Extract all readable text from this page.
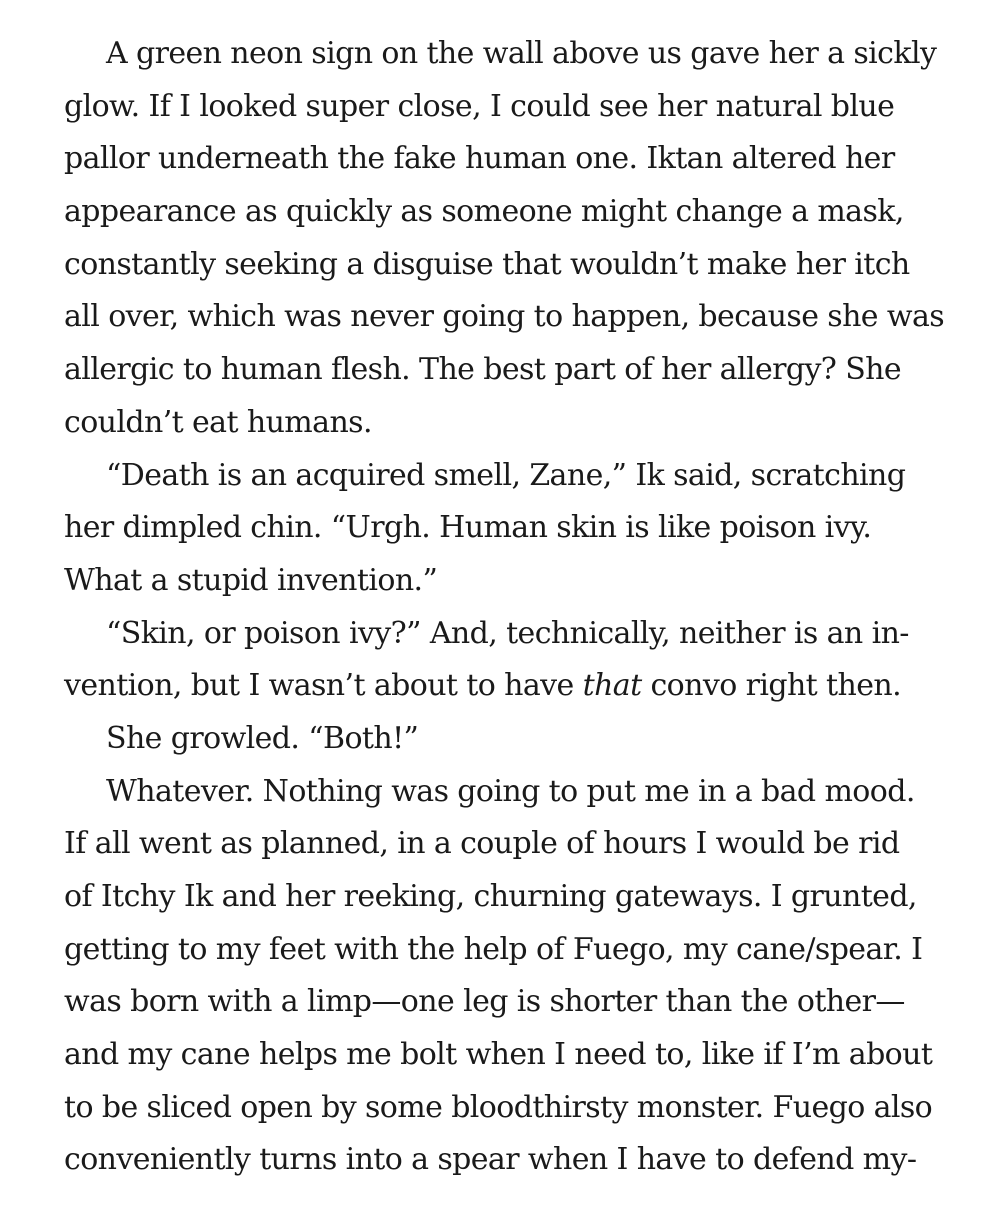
A green neon sign on the wall above us gave her a sickly
glow. If I looked super close, I could see her natural blue
pallor underneath the fake human one. Iktan altered her
appearance as quickly as someone might change a mask,
constantly seeking a disguise that wouldn’t make her itch
all over, which was never going to happen, because she was
allergic to human flesh. The best part of her allergy? She
couldn’t eat humans.
“Death is an acquired smell, Zane,” Ik said, scratching
her dimpled chin. “Urgh. Human skin is like poison ivy.
What a stupid invention.”
“Skin, or poison ivy?” And, technically, neither is an in-
vention, but I wasn’t about to have that convo right then.
She growled. “Both!”
Whatever. Nothing was going to put me in a bad mood.
If all went as planned, in a couple of hours I would be rid
of Itchy Ik and her reeking, churning gateways. I grunted,
getting to my feet with the help of Fuego, my cane/spear. I
was born with a limp—one leg is shorter than the other—
and my cane helps me bolt when I need to, like if I’m about
to be sliced open by some bloodthirsty monster. Fuego also
conveniently turns into a spear when I have to defend my-
